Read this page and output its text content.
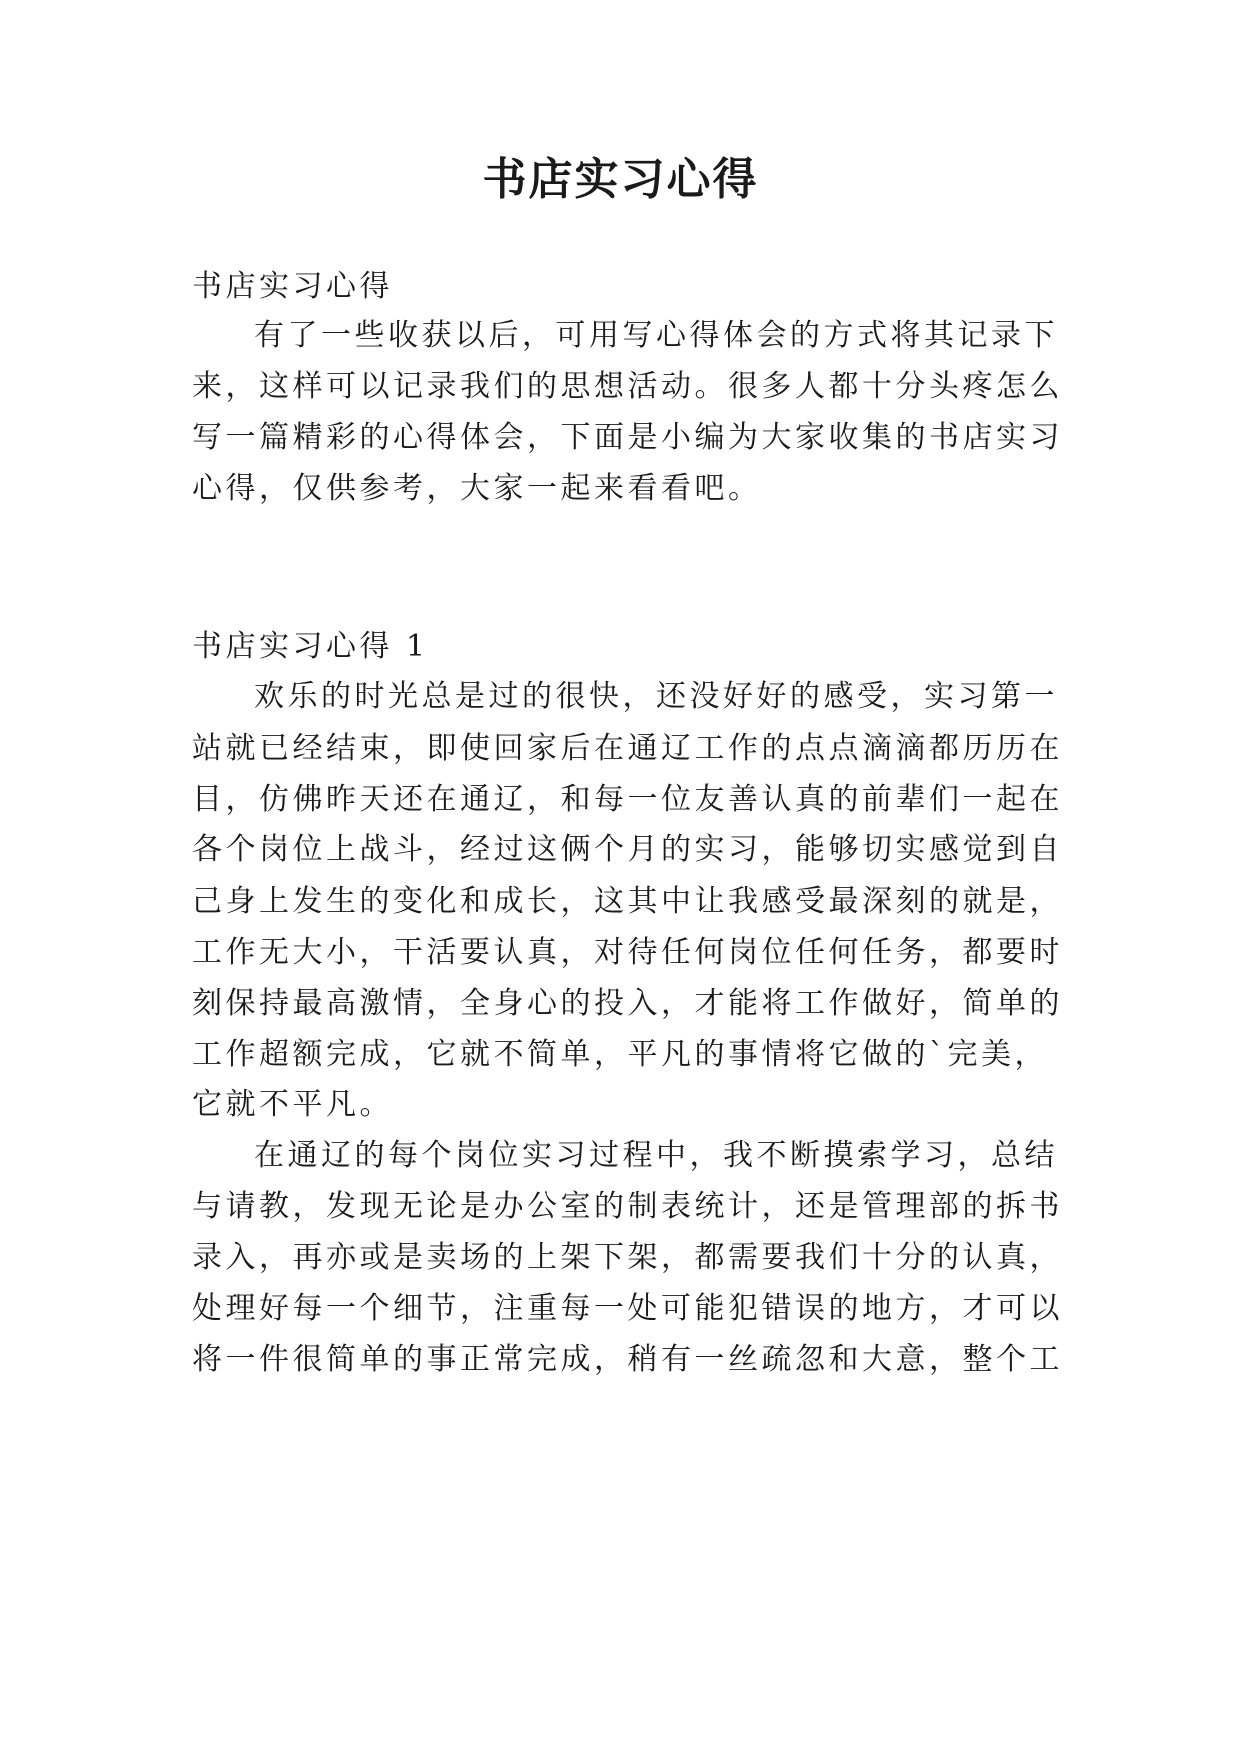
书店实习心得

书店实习心得

有了一些收获以后，可用写心得体会的方式将其记录下

来，这样可以记录我们的思想活动。很多人都十分头疼怎么

写一篇精彩的心得体会，下面是小编为大家收集的书店实习

心得，仅供参考，大家一起来看看吧。

书店实习心得 1

欢乐的时光总是过的很快，还没好好的感受，实习第一

站就已经结束，即使回家后在通辽工作的点点滴滴都历历在

目，仿佛昨天还在通辽，和每一位友善认真的前辈们一起在

各个岗位上战斗，经过这俩个月的实习，能够切实感觉到自

己身上发生的变化和成长，这其中让我感受最深刻的就是，

工作无大小，干活要认真，对待任何岗位任何任务，都要时

刻保持最高激情，全身心的投入，才能将工作做好，简单的

工作超额完成，它就不简单，平凡的事情将它做的`完美，

它就不平凡。

在通辽的每个岗位实习过程中，我不断摸索学习，总结

与请教，发现无论是办公室的制表统计，还是管理部的拆书

录入，再亦或是卖场的上架下架，都需要我们十分的认真，

处理好每一个细节，注重每一处可能犯错误的地方，才可以

将一件很简单的事正常完成，稍有一丝疏忽和大意，整个工
